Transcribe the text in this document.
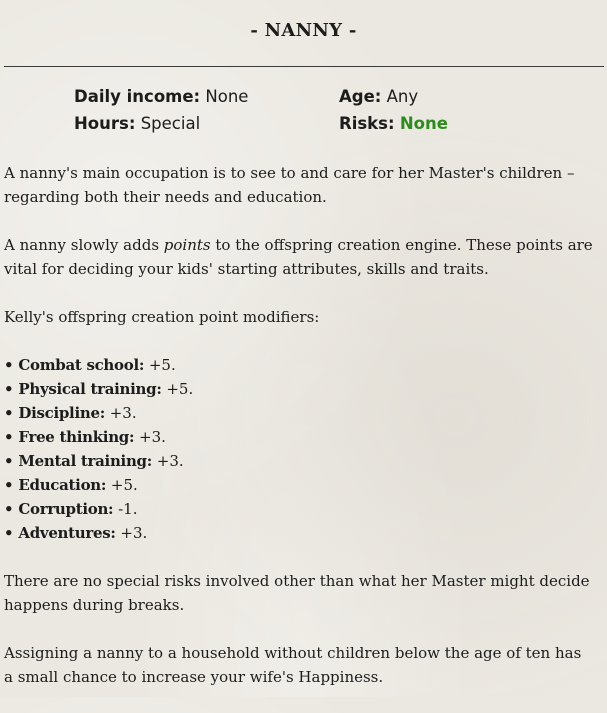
- NANNY -
Daily income: None
Hours: Special
Age: Any
Risks: None

A nanny's main occupation is to see to and care for her Master's children – regarding both their needs and education.

A nanny slowly adds points to the offspring creation engine. These points are vital for deciding your kids' starting attributes, skills and traits.

Kelly's offspring creation point modifiers:

• Combat school: +5.
• Physical training: +5.
• Discipline: +3.
• Free thinking: +3.
• Mental training: +3.
• Education: +5.
• Corruption: -1.
• Adventures: +3.

There are no special risks involved other than what her Master might decide happens during breaks.

Assigning a nanny to a household without children below the age of ten has a small chance to increase your wife's Happiness.
